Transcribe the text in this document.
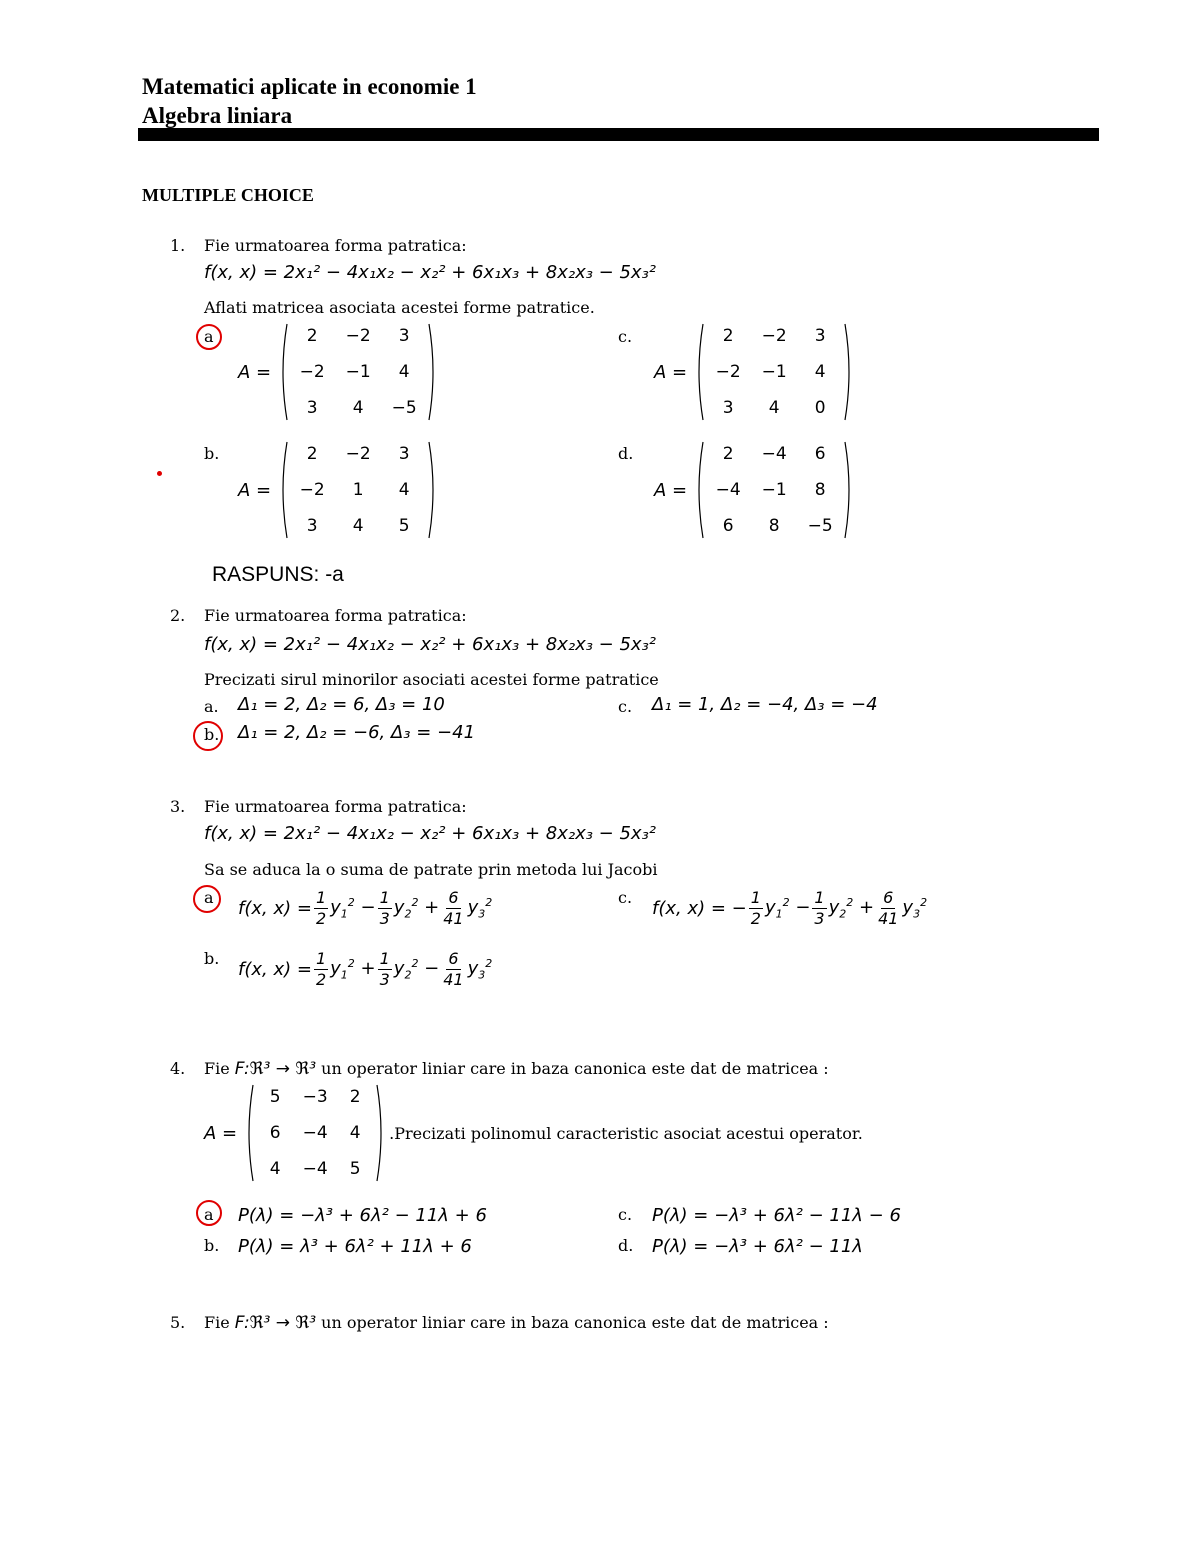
Matematici aplicate in economie 1
Algebra liniara
MULTIPLE CHOICE
1. Fie urmatoarea forma patratica:
f(x, x) = 2x₁² − 4x₁x₂ − x₂² + 6x₁x₃ + 8x₂x₃ − 5x₃²
Aflati matricea asociata acestei forme patratice.
a
A =
2	−2	3
−2	−1	4
3	4	−5
c.
A =
2	−2	3
−2	−1	4
3	4	0
b.
A =
2	−2	3
−2	1	4
3	4	5
d.
A =
2	−4	6
−4	−1	8
6	8	−5
RASPUNS: -a
2. Fie urmatoarea forma patratica:
f(x, x) = 2x₁² − 4x₁x₂ − x₂² + 6x₁x₃ + 8x₂x₃ − 5x₃²
Precizati sirul minorilor asociati acestei forme patratice
a. Δ₁ = 2, Δ₂ = 6, Δ₃ = 10	c. Δ₁ = 1, Δ₂ = −4, Δ₃ = −4
b. Δ₁ = 2, Δ₂ = −6, Δ₃ = −41
3. Fie urmatoarea forma patratica:
f(x, x) = 2x₁² − 4x₁x₂ − x₂² + 6x₁x₃ + 8x₂x₃ − 5x₃²
Sa se aduca la o suma de patrate prin metoda lui Jacobi
a
f(x, $x) = \frac{1}{2} y_1^2 - \frac{1}{3} y_2^2 + \frac{6}{41} y_3^2$	c.
f(x, x) = − $\frac{1}{2} y_1^2 - \frac{1}{3} y_2^2 + \frac{6}{41} y_3^2$
b.
f(x, $x) = \frac{1}{2} y_1^2 + \frac{1}{3} y_2^2 - \frac{6}{41} y_3^2$
4. Fie F:ℜ³ → ℜ³ un operator liniar care in baza canonica este dat de matricea :
A =
5	−3	2
6	−4	4
4	−4	5
.Precizati polinomul caracteristic asociat acestui operator.
a P(λ) = −λ³ + 6λ² − 11λ + 6	c. P(λ) = −λ³ + 6λ² − 11λ − 6
b. P(λ) = λ³ + 6λ² + 11λ + 6	d. P(λ) = −λ³ + 6λ² − 11λ
5. Fie F:ℜ³ → ℜ³ un operator liniar care in baza canonica este dat de matricea :
